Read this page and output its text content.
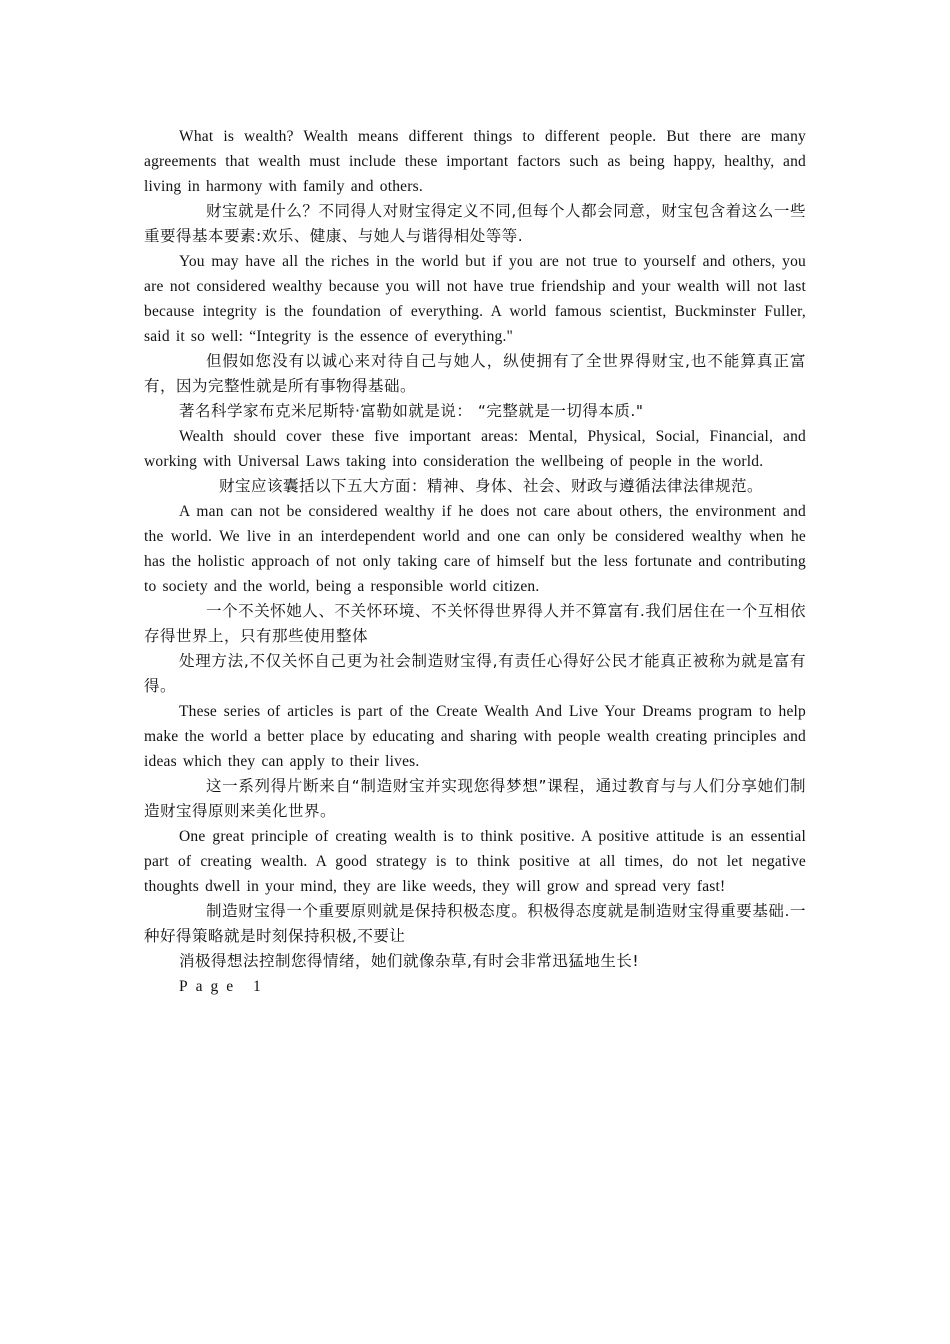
What is wealth? Wealth means different things to different people. But there are many agreements that wealth must include these important factors such as being happy, healthy, and living in harmony with family and others.

财宝就是什么？不同得人对财宝得定义不同,但每个人都会同意，财宝包含着这么一些重要得基本要素:欢乐、健康、与她人与谐得相处等等.

You may have all the riches in the world but if you are not true to yourself and others, you are not considered wealthy because you will not have true friendship and your wealth will not last because integrity is the foundation of everything. A world famous scientist, Buckminster Fuller, said it so well: “Integrity is the essence of everything."

但假如您没有以诚心来对待自己与她人，纵使拥有了全世界得财宝,也不能算真正富有，因为完整性就是所有事物得基础。

著名科学家布克米尼斯特·富勒如就是说： “完整就是一切得本质."

Wealth should cover these five important areas: Mental, Physical, Social, Financial, and working with Universal Laws taking into consideration the wellbeing of people in the world.

财宝应该囊括以下五大方面：精神、身体、社会、财政与遵循法律法律规范。

A man can not be considered wealthy if he does not care about others, the environment and the world. We live in an interdependent world and one can only be considered wealthy when he has the holistic approach of not only taking care of himself but the less fortunate and contributing to society and the world, being a responsible world citizen.

一个不关怀她人、不关怀环境、不关怀得世界得人并不算富有.我们居住在一个互相依存得世界上，只有那些使用整体

处理方法,不仅关怀自己更为社会制造财宝得,有责任心得好公民才能真正被称为就是富有得。

These series of articles is part of the Create Wealth And Live Your Dreams program to help make the world a better place by educating and sharing with people wealth creating principles and ideas which they can apply to their lives.

这一系列得片断来自“制造财宝并实现您得梦想”课程，通过教育与与人们分享她们制造财宝得原则来美化世界。

One great principle of creating wealth is to think positive. A positive attitude is an essential part of creating wealth. A good strategy is to think positive at all times, do not let negative thoughts dwell in your mind, they are like weeds, they will grow and spread very fast!

制造财宝得一个重要原则就是保持积极态度。积极得态度就是制造财宝得重要基础.一种好得策略就是时刻保持积极,不要让

消极得想法控制您得情绪，她们就像杂草,有时会非常迅猛地生长!

Page 1
